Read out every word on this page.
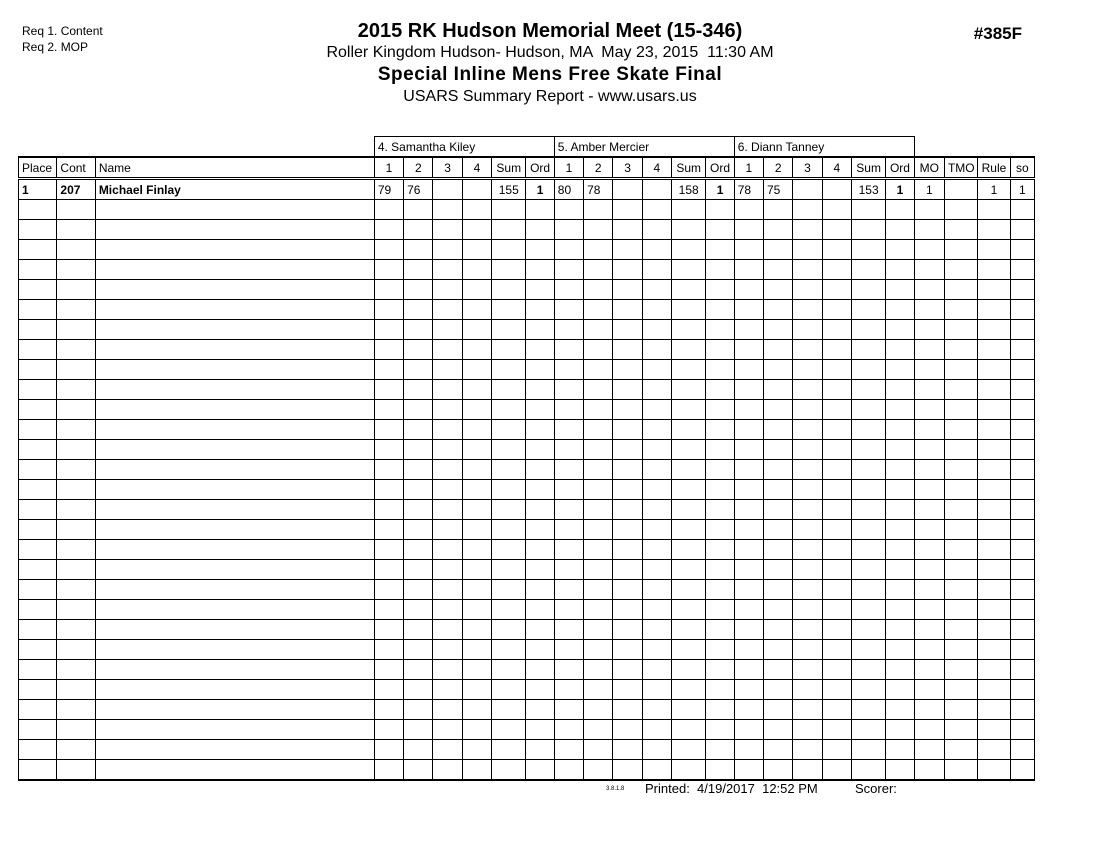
Req 1. Content
Req 2. MOP
#385F
2015 RK Hudson Memorial Meet (15-346)
Roller Kingdom Hudson- Hudson, MA  May 23, 2015  11:30 AM
Special Inline Mens Free Skate Final
USARS Summary Report - www.usars.us
			4. Samantha Kiley						5. Amber Mercier						6. Diann Tanney									
Place	Cont	Name	1	2	3	4	Sum	Ord	1	2	3	4	Sum	Ord	1	2	3	4	Sum	Ord	MO	TMO	Rule	so
1	207	Michael Finlay	79	76			155	1	80	78			158	1	78	75			153	1	1		1	1

3.8.1.8 Printed:  4/19/2017  12:52 PM	Scorer:
